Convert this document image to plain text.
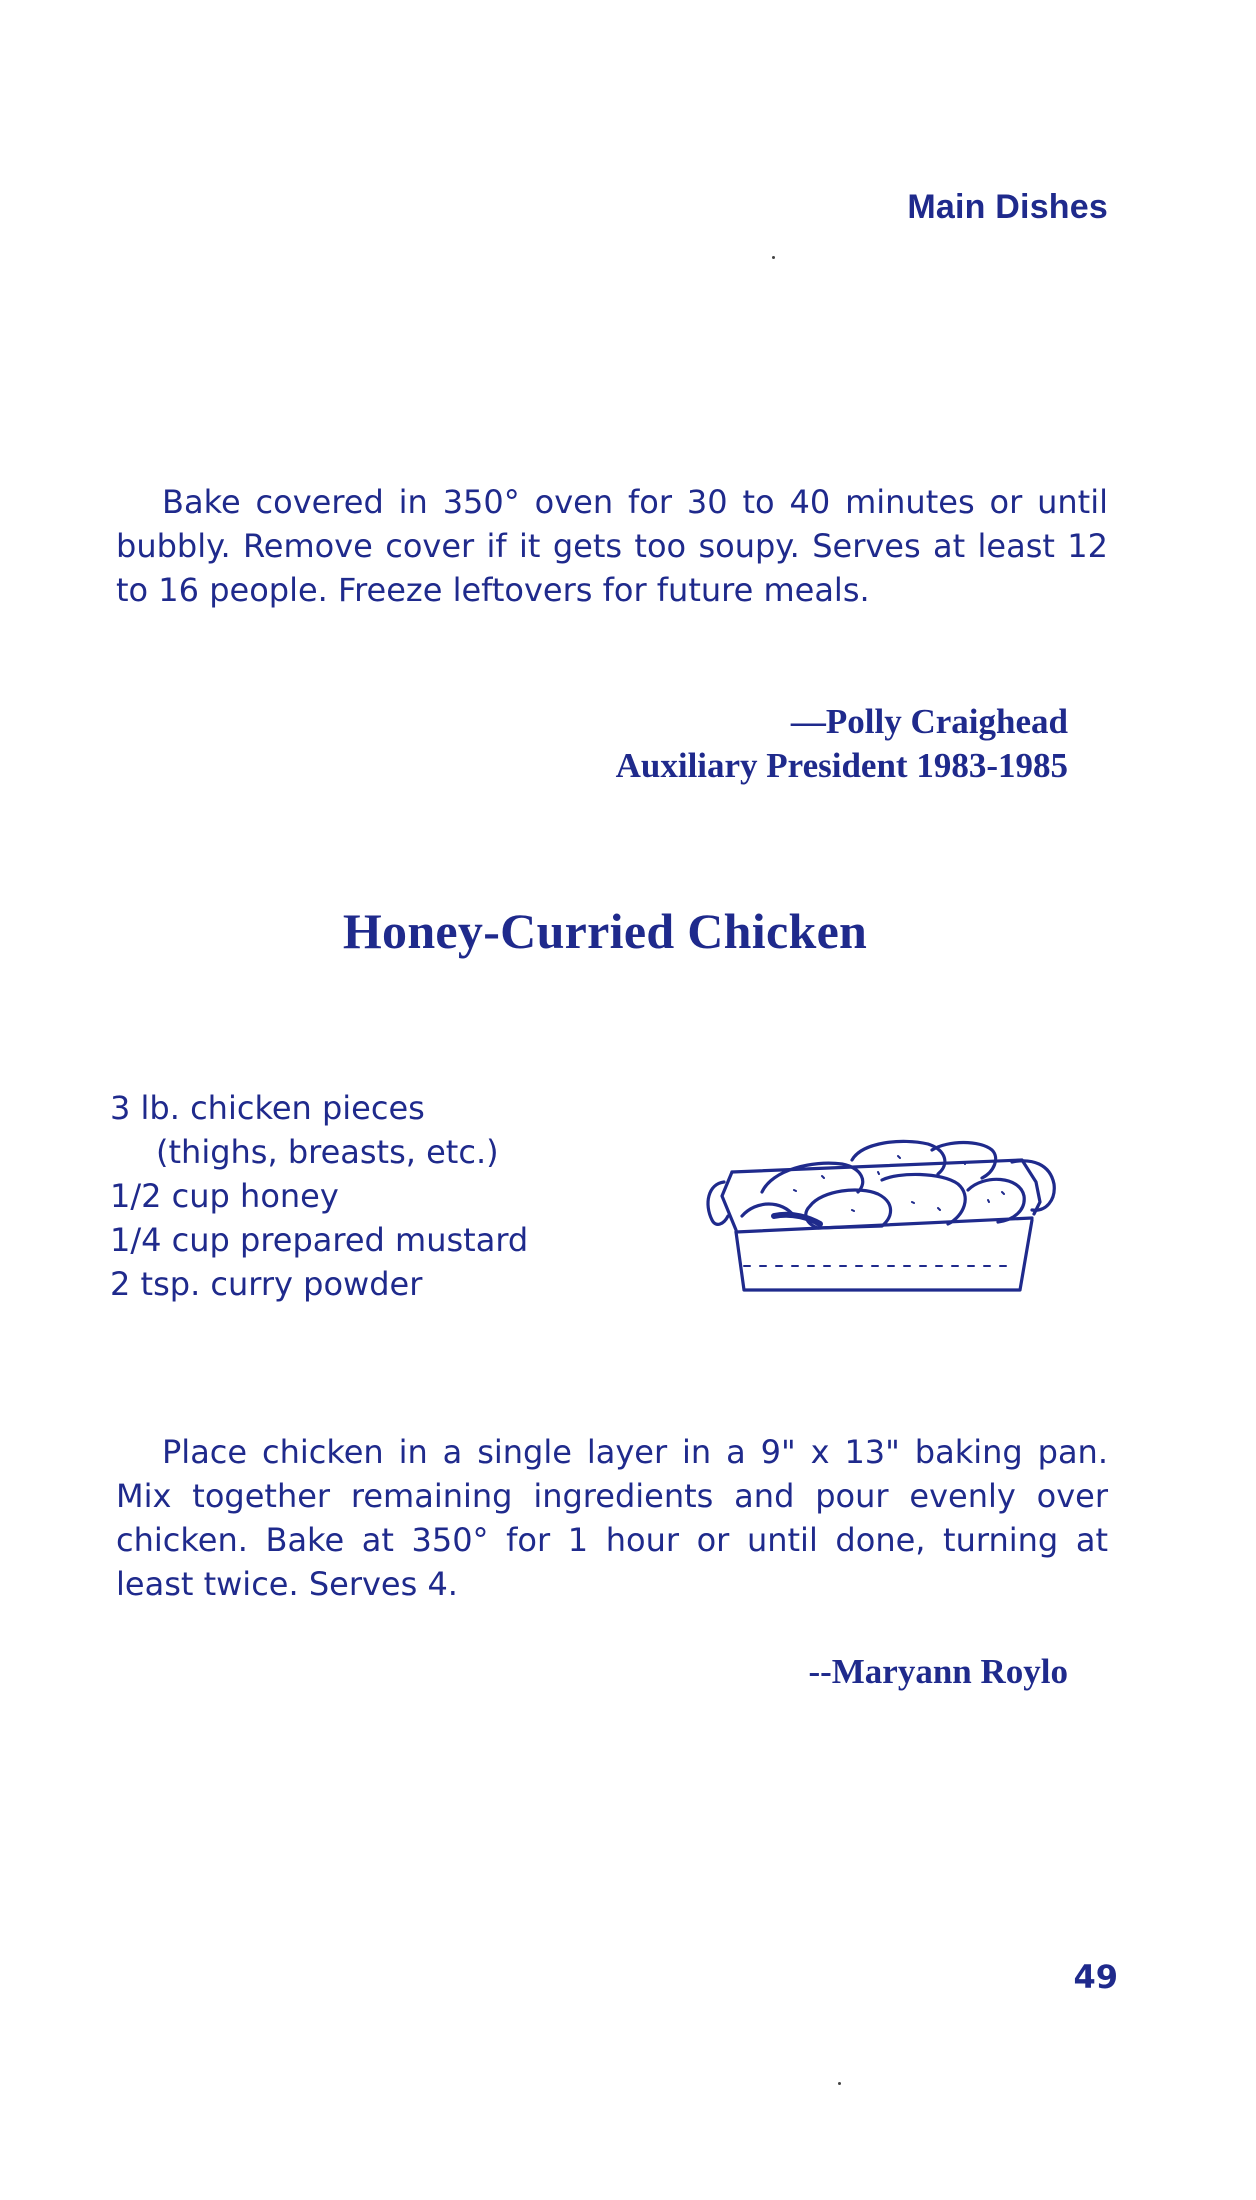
Main Dishes

Bake covered in 350° oven for 30 to 40 minutes or until bubbly. Remove cover if it gets too soupy. Serves at least 12 to 16 people. Freeze leftovers for future meals.

—Polly Craighead
Auxiliary President 1983-1985
Honey-Curried Chicken
3 lb. chicken pieces
(thighs, breasts, etc.)
1/2 cup honey
1/4 cup prepared mustard
2 tsp. curry powder

Place chicken in a single layer in a 9" x 13" baking pan. Mix together remaining ingredients and pour evenly over chicken. Bake at 350° for 1 hour or until done, turning at least twice. Serves 4.

--Maryann Roylo
49
